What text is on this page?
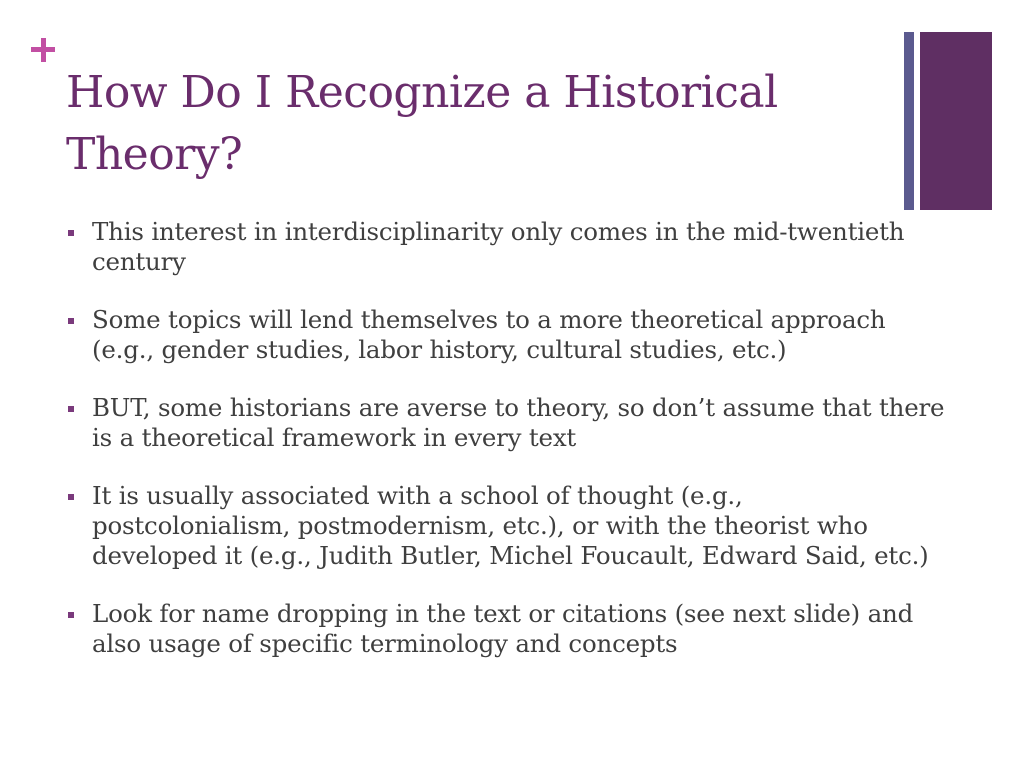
How Do I Recognize a Historical Theory?
This interest in interdisciplinarity only comes in the mid-twentieth century
Some topics will lend themselves to a more theoretical approach (e.g., gender studies, labor history, cultural studies, etc.)
BUT, some historians are averse to theory, so don’t assume that there is a theoretical framework in every text
It is usually associated with a school of thought (e.g., postcolonialism, postmodernism, etc.), or with the theorist who developed it (e.g., Judith Butler, Michel Foucault, Edward Said, etc.)
Look for name dropping in the text or citations (see next slide) and also usage of specific terminology and concepts
